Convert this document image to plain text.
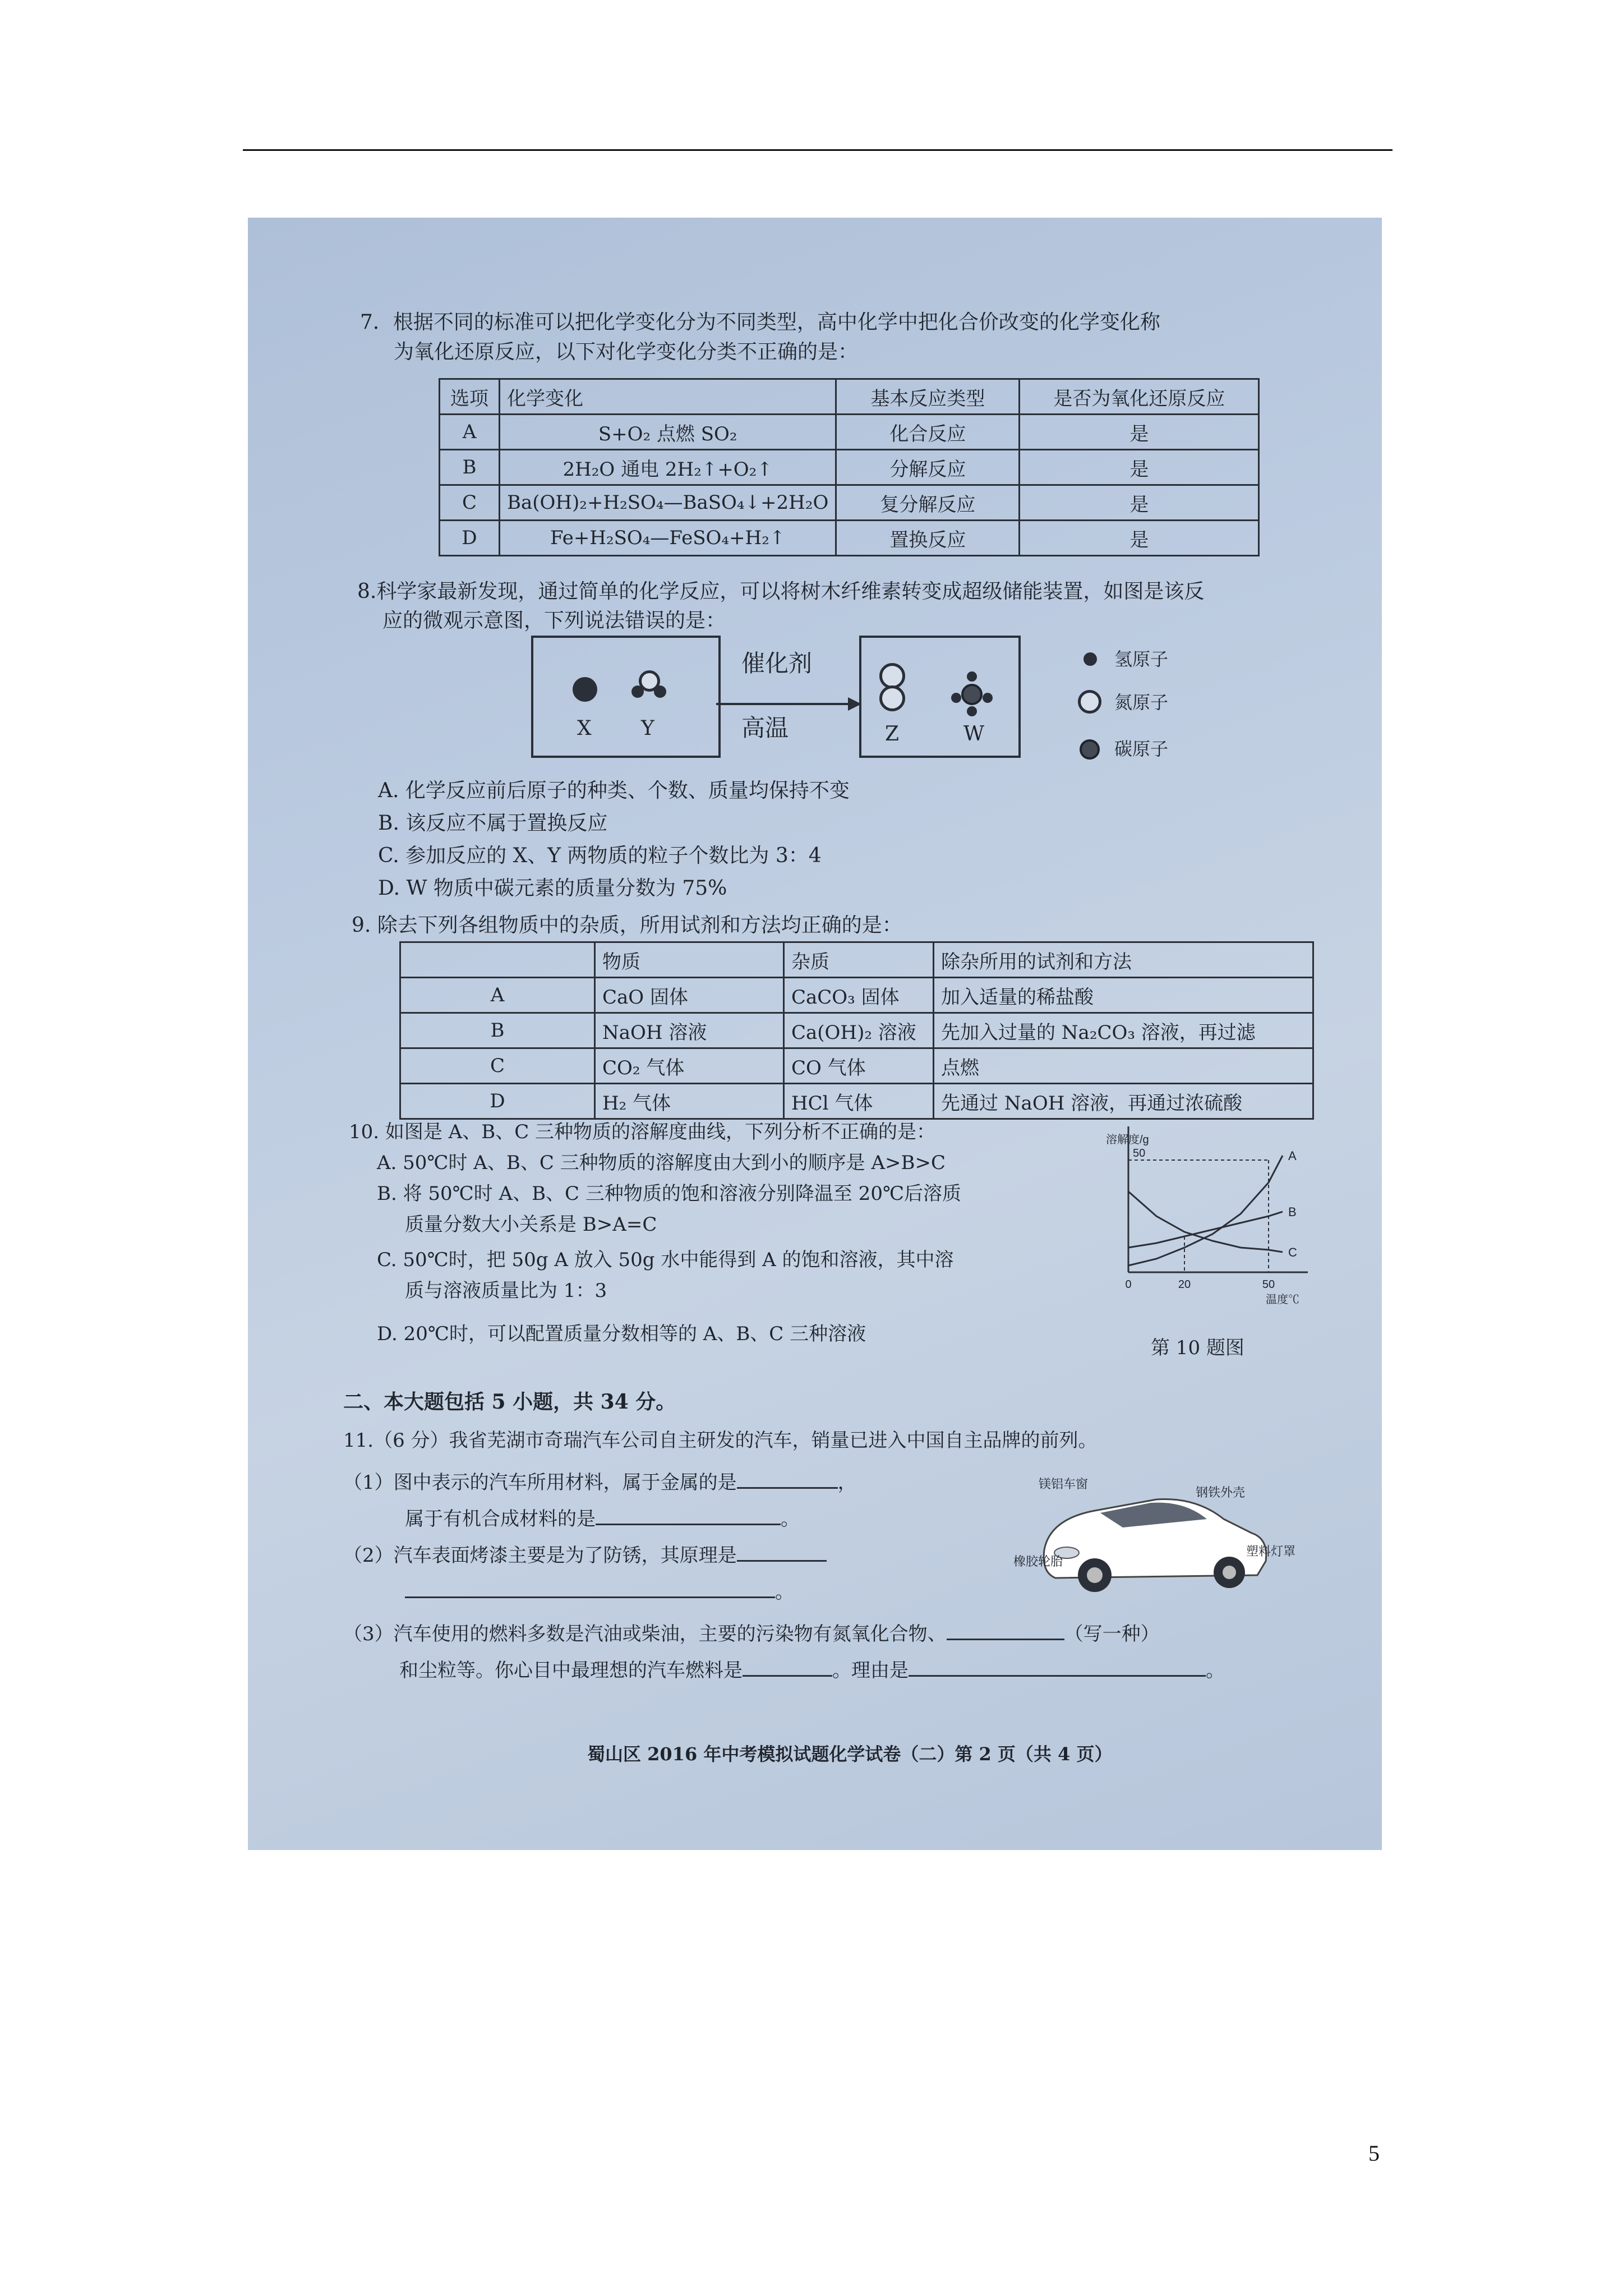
7．根据不同的标准可以把化学变化分为不同类型，高中化学中把化合价改变的化学变化称
为氧化还原反应，以下对化学变化分类不正确的是：
选项	化学变化	基本反应类型	是否为氧化还原反应
A	S+O₂ 点燃 SO₂	化合反应	是
B	2H₂O 通电 2H₂↑+O₂↑	分解反应	是
C	Ba(OH)₂+H₂SO₄—BaSO₄↓+2H₂O	复分解反应	是
D	Fe+H₂SO₄—FeSO₄+H₂↑	置换反应	是
8.科学家最新发现，通过简单的化学反应，可以将树木纤维素转变成超级储能装置，如图是该反
应的微观示意图，下列说法错误的是：
X Y
催化剂
高温	Z	W
氢原子
氮原子
碳原子
A. 化学反应前后原子的种类、个数、质量均保持不变
B. 该反应不属于置换反应
C. 参加反应的 X、Y 两物质的粒子个数比为 3：4
D. W 物质中碳元素的质量分数为 75%
9. 除去下列各组物质中的杂质，所用试剂和方法均正确的是：
	物质	杂质	除杂所用的试剂和方法
A	CaO 固体	CaCO₃ 固体	加入适量的稀盐酸
B	NaOH 溶液	Ca(OH)₂ 溶液	先加入过量的 Na₂CO₃ 溶液，再过滤
C	CO₂ 气体	CO 气体	点燃
D	H₂ 气体	HCl 气体	先通过 NaOH 溶液，再通过浓硫酸
10. 如图是 A、B、C 三种物质的溶解度曲线，下列分析不正确的是：
A. 50℃时 A、B、C 三种物质的溶解度由大到小的顺序是 A>B>C
B. 将 50℃时 A、B、C 三种物质的饱和溶液分别降温至 20℃后溶质
质量分数大小关系是 B>A=C
C. 50℃时，把 50g A 放入 50g 水中能得到 A 的饱和溶液，其中溶
质与溶液质量比为 1：3
D. 20℃时，可以配置质量分数相等的 A、B、C 三种溶液
0	20	50
50
温度℃
溶解度/g
A
B
C
第 10 题图
二、本大题包括 5 小题，共 34 分。
11.（6 分）我省芜湖市奇瑞汽车公司自主研发的汽车，销量已进入中国自主品牌的前列。
（1）图中表示的汽车所用材料，属于金属的是	，
属于有机合成材料的是	。
（2）汽车表面烤漆主要是为了防锈，其原理是
。
镁铝车窗
钢铁外壳
塑料灯罩
橡胶轮胎
（3）汽车使用的燃料多数是汽油或柴油，主要的污染物有氮氧化合物、	（写一种）
和尘粒等。你心目中最理想的汽车燃料是	。理由是	。
蜀山区 2016 年中考模拟试题化学试卷（二）第 2 页（共 4 页）
5
